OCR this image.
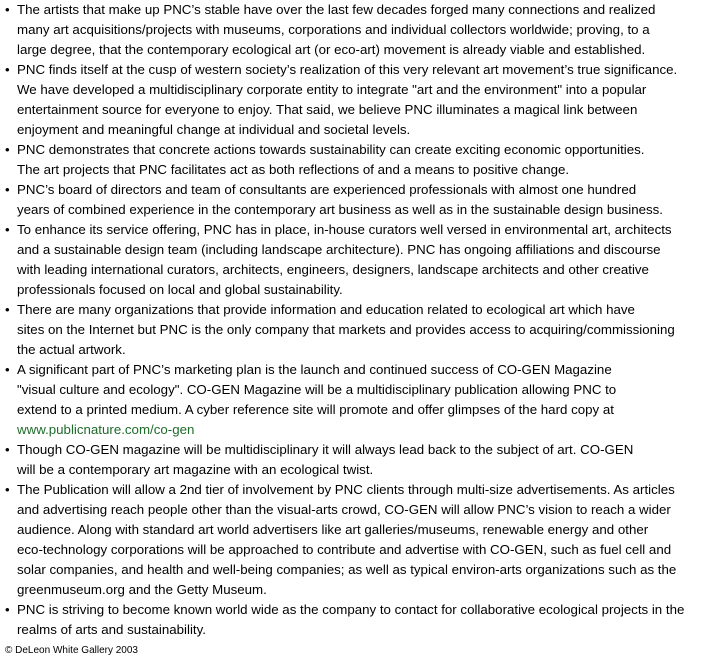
• The artists that make up PNC’s stable have over the last few decades forged many connections and realized
many art acquisitions/projects with museums, corporations and individual collectors worldwide; proving, to a
large degree, that the contemporary ecological art (or eco-art) movement is already viable and established.
• PNC finds itself at the cusp of western society’s realization of this very relevant art movement’s true significance.
We have developed a multidisciplinary corporate entity to integrate "art and the environment" into a popular
entertainment source for everyone to enjoy. That said, we believe PNC illuminates a magical link between
enjoyment and meaningful change at individual and societal levels.
• PNC demonstrates that concrete actions towards sustainability can create exciting economic opportunities.
The art projects that PNC facilitates act as both reflections of and a means to positive change.
• PNC’s board of directors and team of consultants are experienced professionals with almost one hundred
years of combined experience in the contemporary art business as well as in the sustainable design business.
• To enhance its service offering, PNC has in place, in-house curators well versed in environmental art, architects
and a sustainable design team (including landscape architecture). PNC has ongoing affiliations and discourse
with leading international curators, architects, engineers, designers, landscape architects and other creative
professionals focused on local and global sustainability.
• There are many organizations that provide information and education related to ecological art which have
sites on the Internet but PNC is the only company that markets and provides access to acquiring/commissioning
the actual artwork.
• A significant part of PNC’s marketing plan is the launch and continued success of CO-GEN Magazine
"visual culture and ecology". CO-GEN Magazine will be a multidisciplinary publication allowing PNC to
extend to a printed medium. A cyber reference site will promote and offer glimpses of the hard copy at
www.publicnature.com/co-gen
• Though CO-GEN magazine will be multidisciplinary it will always lead back to the subject of art. CO-GEN
will be a contemporary art magazine with an ecological twist.
• The Publication will allow a 2nd tier of involvement by PNC clients through multi-size advertisements. As articles
and advertising reach people other than the visual-arts crowd, CO-GEN will allow PNC’s vision to reach a wider
audience. Along with standard art world advertisers like art galleries/museums, renewable energy and other
eco-technology corporations will be approached to contribute and advertise with CO-GEN, such as fuel cell and
solar companies, and health and well-being companies; as well as typical environ-arts organizations such as the
greenmuseum.org and the Getty Museum.
• PNC is striving to become known world wide as the company to contact for collaborative ecological projects in the
realms of arts and sustainability.
© DeLeon White Gallery 2003
